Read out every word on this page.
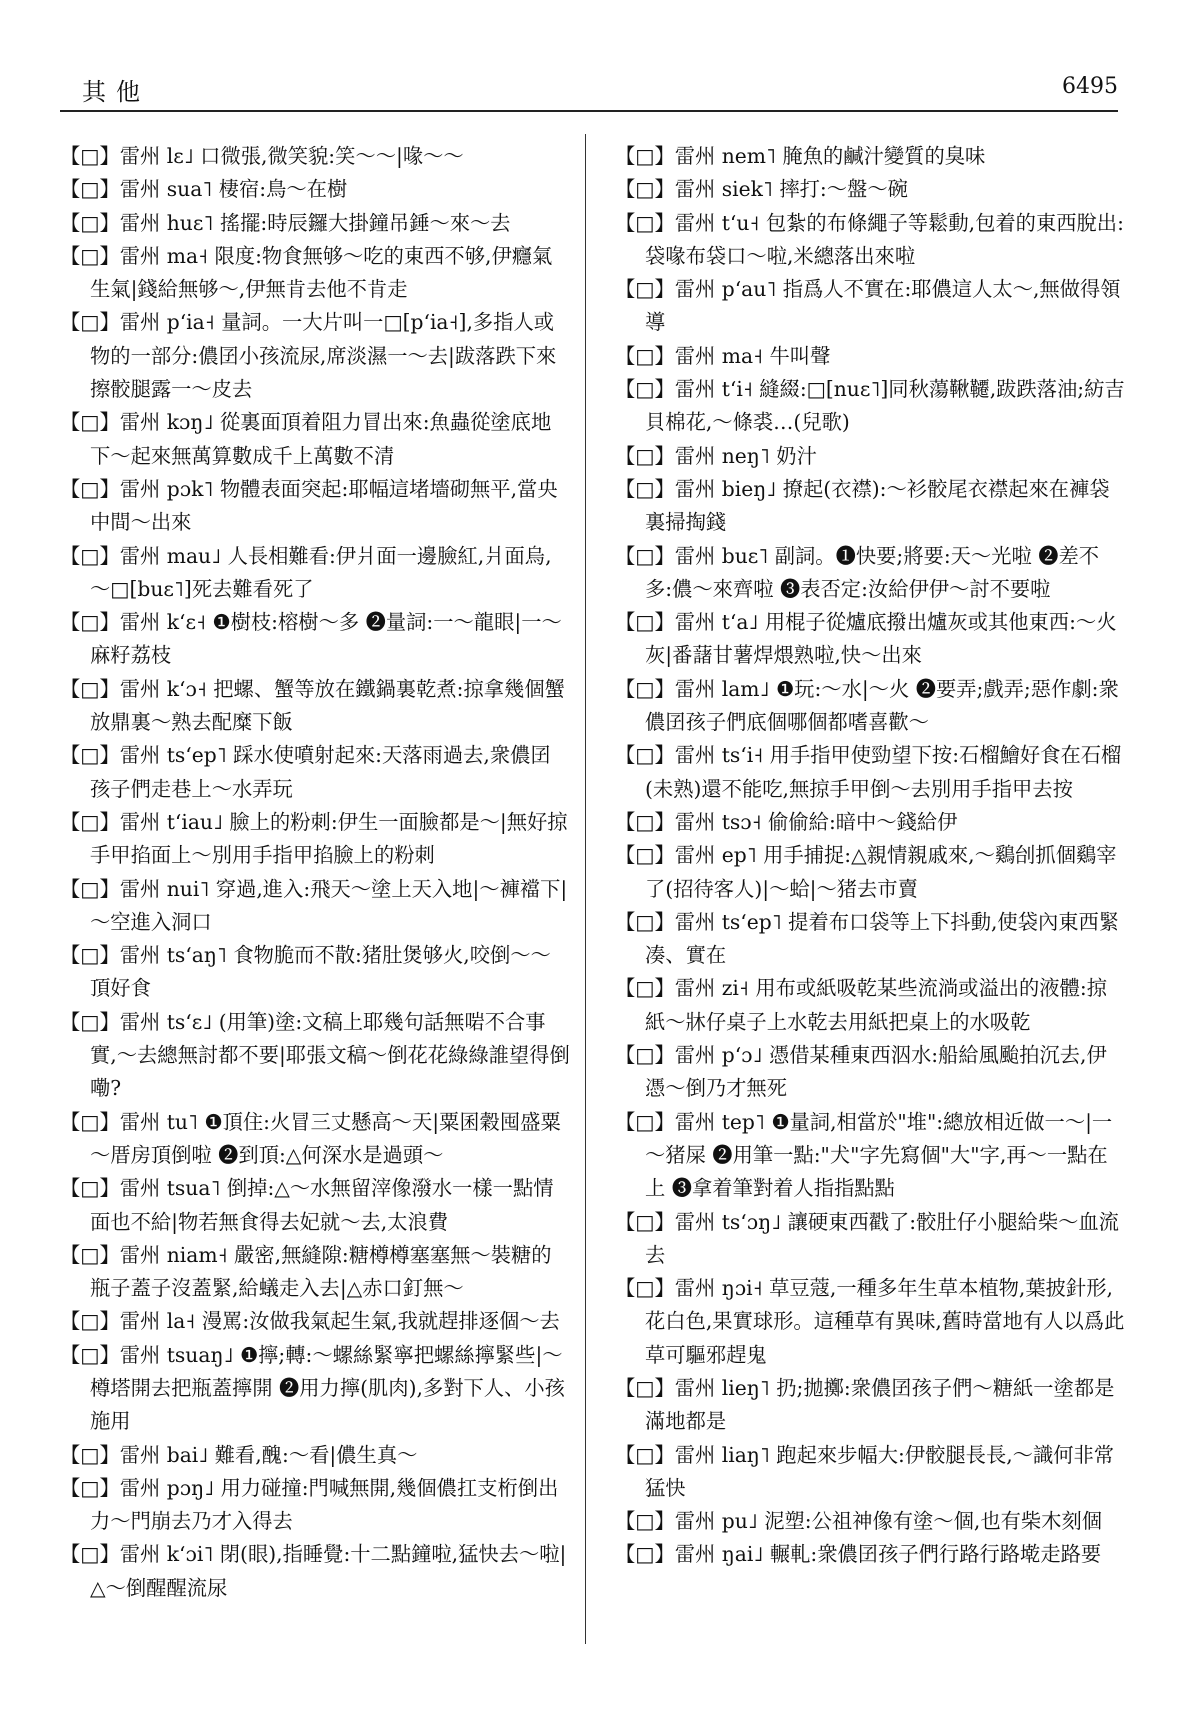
其他	6495

【□】雷州 lɛ˩ 口微張,微笑貌:笑～～|喙～～

【□】雷州 sua˥ 棲宿:鳥～在樹

【□】雷州 huɛ˥ 搖擺:時辰鑼大掛鐘吊錘～來～去

【□】雷州 ma˧ 限度:物食無够～吃的東西不够,伊癮氣生氣|錢給無够～,伊無肯去他不肯走

【□】雷州 pʻia˧ 量詞。一大片叫一□[pʻia˧],多指人或物的一部分:儂囝小孩流尿,席淡濕一～去|跋落跌下來擦骹腿露一～皮去

【□】雷州 kɔŋ˩ 從裏面頂着阻力冒出來:魚蟲從塗底地下～起來無萬算數成千上萬數不清

【□】雷州 pɔk˥ 物體表面突起:耶幅這堵墻砌無平,當央中間～出來

【□】雷州 mau˩ 人長相難看:伊爿面一邊臉紅,爿面烏,～□[buɛ˥]死去難看死了

【□】雷州 kʻɛ˧ ❶樹枝:榕樹～多 ❷量詞:一～龍眼|一～麻籽荔枝

【□】雷州 kʻɔ˧ 把螺、蟹等放在鐵鍋裏乾煮:掠拿幾個蟹放鼎裏～熟去配糜下飯

【□】雷州 tsʻep˥ 踩水使噴射起來:天落雨過去,衆儂囝孩子們走巷上～水弄玩

【□】雷州 tʻiau˩ 臉上的粉刺:伊生一面臉都是～|無好掠手甲掐面上～別用手指甲掐臉上的粉刺

【□】雷州 nui˥ 穿過,進入:飛天～塗上天入地|～褲襠下|～空進入洞口

【□】雷州 tsʻaŋ˥ 食物脆而不散:猪肚煲够火,咬倒～～頂好食

【□】雷州 tsʻɛ˩ (用筆)塗:文稿上耶幾句話無啱不合事實,～去總無討都不要|耶張文稿～倒花花綠綠誰望得倒嘞?

【□】雷州 tu˥ ❶頂住:火冒三丈懸高～天|粟囷穀囤盛粟～厝房頂倒啦 ❷到頂:△何深水是過頭～

【□】雷州 tsua˥ 倒掉:△～水無留滓像潑水一樣一點情面也不給|物若無食得去妃就～去,太浪費

【□】雷州 niam˧ 嚴密,無縫隙:糖樽樽塞塞無～裝糖的瓶子蓋子沒蓋緊,給蟻走入去|△赤口釘無～

【□】雷州 la˧ 漫罵:汝做我氣起生氣,我就趕排逐個～去

【□】雷州 tsuaŋ˩ ❶擰;轉:～螺絲緊寧把螺絲擰緊些|～樽塔開去把瓶蓋擰開 ❷用力擰(肌肉),多對下人、小孩施用

【□】雷州 bai˩ 難看,醜:～看|儂生真～

【□】雷州 pɔŋ˩ 用力碰撞:門喊無開,幾個儂扛支桁倒出力～門崩去乃才入得去

【□】雷州 kʻɔi˥ 閉(眼),指睡覺:十二點鐘啦,猛快去～啦|△～倒醒醒流尿

【□】雷州 nem˥ 腌魚的鹹汁變質的臭味

【□】雷州 siek˥ 摔打:～盤～碗

【□】雷州 tʻu˧ 包紮的布條繩子等鬆動,包着的東西脫出:袋喙布袋口～啦,米總落出來啦

【□】雷州 pʻau˥ 指爲人不實在:耶儂這人太～,無做得領導

【□】雷州 ma˧ 牛叫聲

【□】雷州 tʻi˧ 縫綴:□[nuɛ˥]同秋蕩鞦韆,跋跌落油;紡吉貝棉花,～條裘…(兒歌)

【□】雷州 neŋ˥ 奶汁

【□】雷州 bieŋ˩ 撩起(衣襟):～衫骹尾衣襟起來在褲袋裏掃掏錢

【□】雷州 buɛ˥ 副詞。❶快要;將要:天～光啦 ❷差不多:儂～來齊啦 ❸表否定:汝給伊伊～討不要啦

【□】雷州 tʻa˩ 用棍子從爐底撥出爐灰或其他東西:～火灰|番藷甘薯焊煨熟啦,快～出來

【□】雷州 lam˩ ❶玩:～水|～火 ❷要弄;戲弄;惡作劇:衆儂囝孩子們底個哪個都嗜喜歡～

【□】雷州 tsʻi˧ 用手指甲使勁望下按:石榴鱠好食在石榴(未熟)還不能吃,無掠手甲倒～去別用手指甲去按

【□】雷州 tsɔ˧ 偷偷給:暗中～錢給伊

【□】雷州 ep˥ 用手捕捉:△親情親戚來,～鷄刣抓個鷄宰了(招待客人)|～蛤|～猪去市賣

【□】雷州 tsʻep˥ 提着布口袋等上下抖動,使袋內東西緊凑、實在

【□】雷州 zi˧ 用布或紙吸乾某些流淌或溢出的液體:掠紙～牀仔桌子上水乾去用紙把桌上的水吸乾

【□】雷州 pʻɔ˩ 憑借某種東西泅水:船給風颱拍沉去,伊憑～倒乃才無死

【□】雷州 tep˥ ❶量詞,相當於"堆":總放相近做一～|一～猪屎 ❷用筆一點:"犬"字先寫個"大"字,再～一點在上 ❸拿着筆對着人指指點點

【□】雷州 tsʻɔŋ˩ 讓硬東西戳了:骹肚仔小腿給柴～血流去

【□】雷州 ŋɔi˧ 草豆蔻,一種多年生草本植物,葉披針形,花白色,果實球形。這種草有異味,舊時當地有人以爲此草可驅邪趕鬼

【□】雷州 lieŋ˥ 扔;拋擲:衆儂囝孩子們～糖紙一塗都是滿地都是

【□】雷州 liaŋ˥ 跑起來步幅大:伊骹腿長長,～識何非常猛快

【□】雷州 pu˩ 泥塑:公祖神像有塗～個,也有柴木刻個

【□】雷州 ŋai˩ 輾軋:衆儂囝孩子們行路行路墘走路要
